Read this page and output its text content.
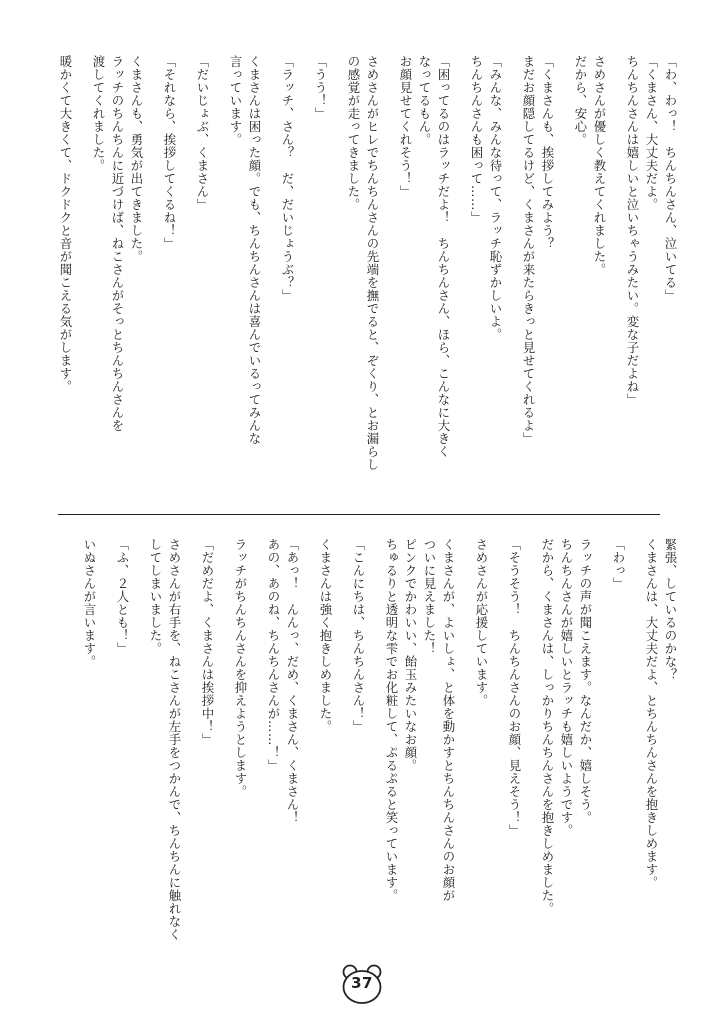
「わ、わっ！　ちんちんさん、泣いてる」
「くまさん、大丈夫だよ。
ちんちんさんは嬉しいと泣いちゃうみたい。変な子だよね」
さめさんが優しく教えてくれました。
だから、安心。
「くまさんも、挨拶してみよう？
まだお顔隠してるけど、くまさんが来たらきっと見せてくれるよ」
「みんな、みんな待って、ラッチ恥ずかしいよ。
ちんちんさんも困って……」
「困ってるのはラッチだよ！　ちんちんさん、ほら、こんなに大きく
なってるもん。
お顔見せてくれそう！」
さめさんがヒレでちんちんさんの先端を撫でると、ぞくり、とお漏らし
の感覚が走ってきました。
「うう！」
「ラッチ、さん？　だ、だいじょうぶ？」
くまさんは困った顔。でも、ちんちんさんは喜んでいるってみんな
言っています。
「だいじょぶ、くまさん」
「それなら、挨拶してくるね！」
くまさんも、勇気が出てきました。
ラッチのちんちんに近づけば、ねこさんがそっとちんちんさんを
渡してくれました。
暖かくて大きくて、ドクドクと音が聞こえる気がします。
緊張、しているのかな？
くまさんは、大丈夫だよ、とちんちんさんを抱きしめます。
「わっ」
ラッチの声が聞こえます。なんだか、嬉しそう。
ちんちんさんが嬉しいとラッチも嬉しいようです。
だから、くまさんは、しっかりちんちんさんを抱きしめました。
「そうそう！　ちんちんさんのお顔、見えそう！」
さめさんが応援しています。
くまさんが、よいしょ、と体を動かすとちんちんさんのお顔が
ついに見えました！
ピンクでかわいい、飴玉みたいなお顔。
ちゅるりと透明な雫でお化粧して、ぷるぷると笑っています。
「こんにちは、ちんちんさん！」
くまさんは強く抱きしめました。
「あっ！　んんっ、だめ、くまさん、くまさん！
あの、あのね、ちんちんさんが……！」
ラッチがちんちんさんを抑えようとします。
「だめだよ、くまさんは挨拶中！」
さめさんが右手を、ねこさんが左手をつかんで、ちんちんに触れなく
してしまいました。
「ふ、２人とも！」
いぬさんが言います。
37
